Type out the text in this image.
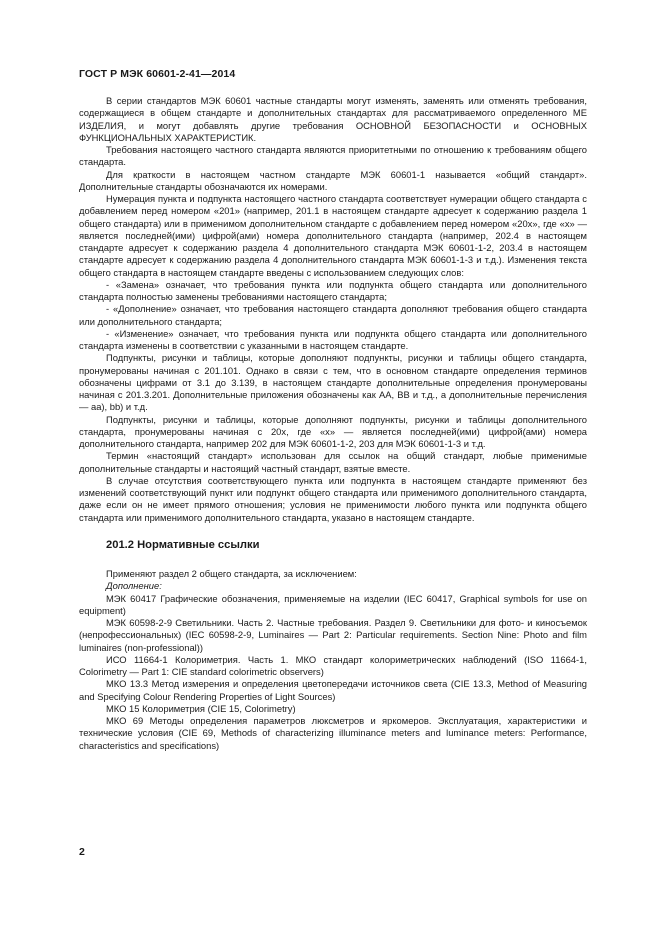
ГОСТ Р МЭК 60601-2-41—2014

В серии стандартов МЭК 60601 частные стандарты могут изменять, заменять или отменять требования, содержащиеся в общем стандарте и дополнительных стандартах для рассматриваемого определенного МЕ ИЗДЕЛИЯ, и могут добавлять другие требования ОСНОВНОЙ БЕЗОПАСНОСТИ и ОСНОВНЫХ ФУНКЦИОНАЛЬНЫХ ХАРАКТЕРИСТИК.

Требования настоящего частного стандарта являются приоритетными по отношению к требованиям общего стандарта.

Для краткости в настоящем частном стандарте МЭК 60601-1 называется «общий стандарт». Дополнительные стандарты обозначаются их номерами.

Нумерация пункта и подпункта настоящего частного стандарта соответствует нумерации общего стандарта с добавлением перед номером «201» (например, 201.1 в настоящем стандарте адресует к содержанию раздела 1 общего стандарта) или в применимом дополнительном стандарте с добавлением перед номером «20x», где «x» — является последней(ими) цифрой(ами) номера дополнительного стандарта (например, 202.4 в настоящем стандарте адресует к содержанию раздела 4 дополнительного стандарта МЭК 60601-1-2, 203.4 в настоящем стандарте адресует к содержанию раздела 4 дополнительного стандарта МЭК 60601-1-3 и т.д.). Изменения текста общего стандарта в настоящем стандарте введены с использованием следующих слов:

- «Замена» означает, что требования пункта или подпункта общего стандарта или дополнительного стандарта полностью заменены требованиями настоящего стандарта;

- «Дополнение» означает, что требования настоящего стандарта дополняют требования общего стандарта или дополнительного стандарта;

- «Изменение» означает, что требования пункта или подпункта общего стандарта или дополнительного стандарта изменены в соответствии с указанными в настоящем стандарте.

Подпункты, рисунки и таблицы, которые дополняют подпункты, рисунки и таблицы общего стандарта, пронумерованы начиная с 201.101. Однако в связи с тем, что в основном стандарте определения терминов обозначены цифрами от 3.1 до 3.139, в настоящем стандарте дополнительные определения пронумерованы начиная с 201.3.201. Дополнительные приложения обозначены как АА, ВВ и т.д., а дополнительные перечисления — аа), bb) и т.д.

Подпункты, рисунки и таблицы, которые дополняют подпункты, рисунки и таблицы дополнительного стандарта, пронумерованы начиная с 20x, где «x» — является последней(ими) цифрой(ами) номера дополнительного стандарта, например 202 для МЭК 60601-1-2, 203 для МЭК 60601-1-3 и т.д.

Термин «настоящий стандарт» использован для ссылок на общий стандарт, любые применимые дополнительные стандарты и настоящий частный стандарт, взятые вместе.

В случае отсутствия соответствующего пункта или подпункта в настоящем стандарте применяют без изменений соответствующий пункт или подпункт общего стандарта или применимого дополнительного стандарта, даже если он не имеет прямого отношения; условия не применимости любого пункта или подпункта общего стандарта или применимого дополнительного стандарта, указано в настоящем стандарте.

201.2 Нормативные ссылки

Применяют раздел 2 общего стандарта, за исключением:

Дополнение:

МЭК 60417 Графические обозначения, применяемые на изделии (IEC 60417, Graphical symbols for use on equipment)

МЭК 60598-2-9 Светильники. Часть 2. Частные требования. Раздел 9. Светильники для фото- и киносъемок (непрофессиональных) (IEC 60598-2-9, Luminaires — Part 2: Particular requirements. Section Nine: Photo and film luminaires (non-professional))

ИСО 11664-1 Колориметрия. Часть 1. МКО стандарт колориметрических наблюдений (ISO 11664-1, Colorimetry — Part 1: CIE standard colorimetric observers)

МКО 13.3 Метод измерения и определения цветопередачи источников света (CIE 13.3, Method of Measuring and Specifying Colour Rendering Properties of Light Sources)

МКО 15 Колориметрия (CIE 15, Colorimetry)

МКО 69 Методы определения параметров люксметров и яркомеров. Эксплуатация, характеристики и технические условия (CIE 69, Methods of characterizing illuminance meters and luminance meters: Performance, characteristics and specifications)

2
